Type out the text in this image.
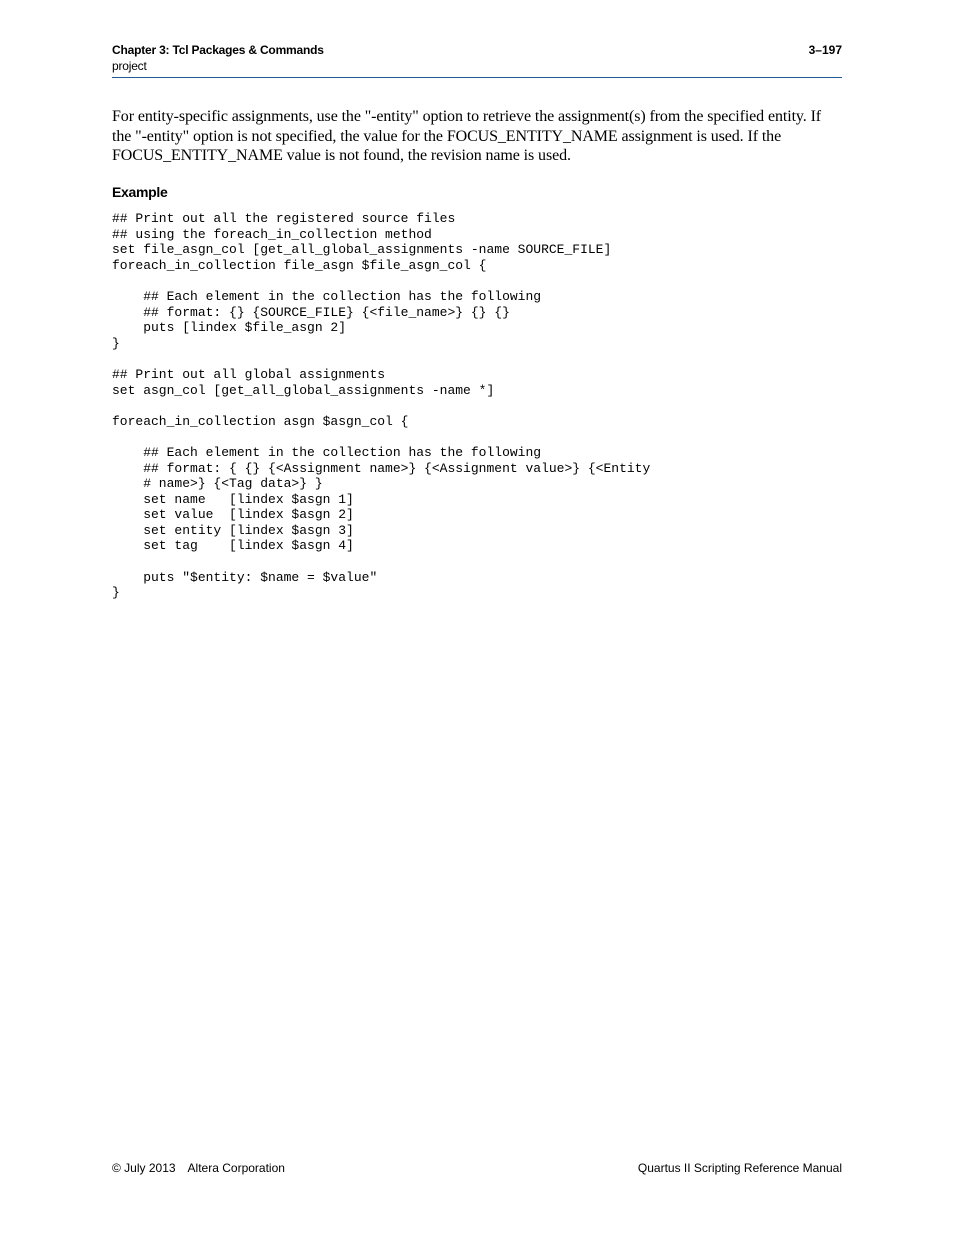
Chapter 3: Tcl Packages & Commands
project
3–197

For entity-specific assignments, use the "-entity" option to retrieve the assignment(s) from the specified entity. If the "-entity" option is not specified, the value for the FOCUS_ENTITY_NAME assignment is used. If the FOCUS_ENTITY_NAME value is not found, the revision name is used.

Example
## Print out all the registered source files
## using the foreach_in_collection method
set file_asgn_col [get_all_global_assignments -name SOURCE_FILE]
foreach_in_collection file_asgn $file_asgn_col {

## Each element in the collection has the following
## format: {} {SOURCE_FILE} {<file_name>} {} {}
puts [lindex $file_asgn 2]
}

## Print out all global assignments
set asgn_col [get_all_global_assignments -name *]

foreach_in_collection asgn $asgn_col {

## Each element in the collection has the following
## format: { {} {<Assignment name>} {<Assignment value>} {<Entity
# name>} {<Tag data>} }
set name   [lindex $asgn 1]
set value  [lindex $asgn 2]
set entity [lindex $asgn 3]
set tag    [lindex $asgn 4]

puts "$entity: $name = $value"
}
© July 2013 Altera Corporation	Quartus II Scripting Reference Manual
